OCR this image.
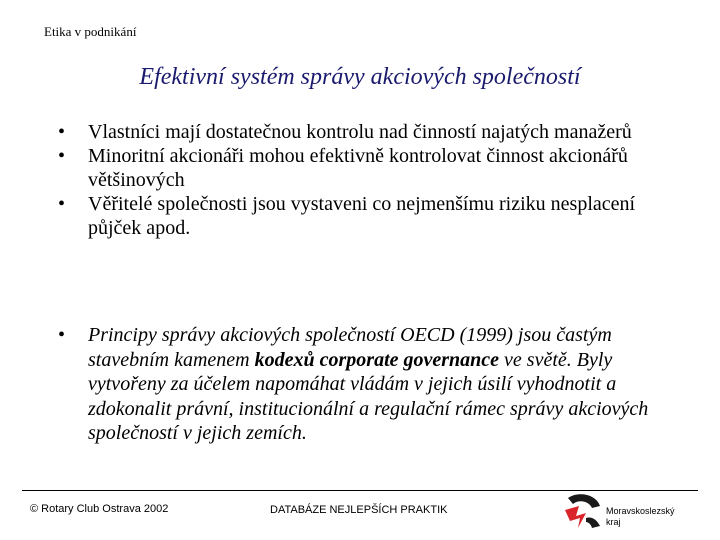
Etika v podnikání
Efektivní systém správy akciových společností
• Vlastníci mají dostatečnou kontrolu nad činností najatých manažerů
• Minoritní akcionáři mohou efektivně kontrolovat činnost akcionářů většinových
• Věřitelé společnosti jsou vystaveni co nejmenšímu riziku nesplacení půjček apod.
• Principy správy akciových společností OECD (1999) jsou častým stavebním kamenem kodexů corporate governance ve světě. Byly vytvořeny za účelem napomáhat vládám v jejich úsilí vyhodnotit a zdokonalit právní, institucionální a regulační rámec správy akciových společností v jejich zemích.
© Rotary Club Ostrava 2002	DATABÁZE NEJLEPŠÍCH PRAKTIK	Moravskoslezský
kraj
